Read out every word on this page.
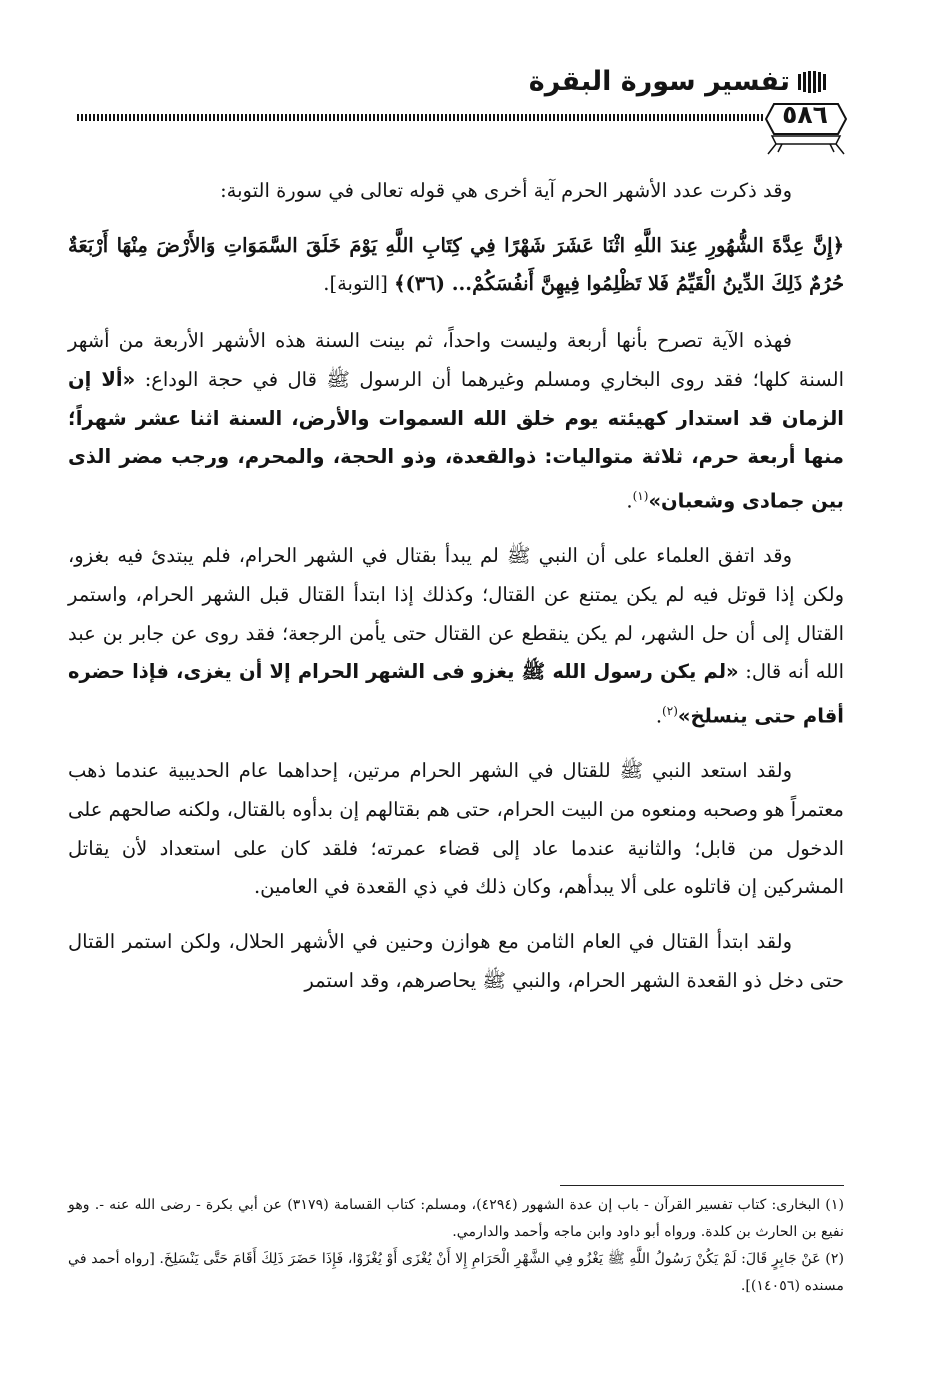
تفسير سورة البقرة
٥٨٦

وقد ذكرت عدد الأشهر الحرم آية أخرى هي قوله تعالى في سورة التوبة:

﴿إِنَّ عِدَّةَ الشُّهُورِ عِندَ اللَّهِ اثْنَا عَشَرَ شَهْرًا فِي كِتَابِ اللَّهِ يَوْمَ خَلَقَ السَّمَوَاتِ وَالأَرْضَ مِنْهَا أَرْبَعَةٌ حُرُمٌ ذَلِكَ الدِّينُ الْقَيِّمُ فَلا تَظْلِمُوا فِيهِنَّ أَنفُسَكُمْ... (٣٦)﴾ [التوبة].

فهذه الآية تصرح بأنها أربعة وليست واحداً، ثم بينت السنة هذه الأشهر الأربعة من أشهر السنة كلها؛ فقد روى البخاري ومسلم وغيرهما أن الرسول ﷺ قال في حجة الوداع: «ألا إن الزمان قد استدار كهيئته يوم خلق الله السموات والأرض، السنة اثنا عشر شهراً؛ منها أربعة حرم، ثلاثة متواليات: ذوالقعدة، وذو الحجة، والمحرم، ورجب مضر الذى بين جمادى وشعبان»$^{(١)}$.

وقد اتفق العلماء على أن النبي ﷺ لم يبدأ بقتال في الشهر الحرام، فلم يبتدئ فيه بغزو، ولكن إذا قوتل فيه لم يكن يمتنع عن القتال؛ وكذلك إذا ابتدأ القتال قبل الشهر الحرام، واستمر القتال إلى أن حل الشهر، لم يكن ينقطع عن القتال حتى يأمن الرجعة؛ فقد روى عن جابر بن عبد الله أنه قال: «لم يكن رسول الله ﷺ يغزو فى الشهر الحرام إلا أن يغزى، فإذا حضره أقام حتى ينسلخ»$^{(٢)}$.

ولقد استعد النبي ﷺ للقتال في الشهر الحرام مرتين، إحداهما عام الحديبية عندما ذهب معتمراً هو وصحبه ومنعوه من البيت الحرام، حتى هم بقتالهم إن بدأوه بالقتال، ولكنه صالحهم على الدخول من قابل؛ والثانية عندما عاد إلى قضاء عمرته؛ فلقد كان على استعداد لأن يقاتل المشركين إن قاتلوه على ألا يبدأهم، وكان ذلك في ذي القعدة في العامين.

ولقد ابتدأ القتال في العام الثامن مع هوازن وحنين في الأشهر الحلال، ولكن استمر القتال حتى دخل ذو القعدة الشهر الحرام، والنبي ﷺ يحاصرهم، وقد استمر

(١) البخارى: كتاب تفسير القرآن - باب إن عدة الشهور (٤٢٩٤)، ومسلم: كتاب القسامة (٣١٧٩) عن أبي بكرة - رضى الله عنه -. وهو نفيع بن الحارث بن كلدة. ورواه أبو داود وابن ماجه وأحمد والدارمي.

(٢) عَنْ جَابِرٍ قَالَ: لَمْ يَكُنْ رَسُولُ اللَّهِ ﷺ يَغْزُو فِي الشَّهْرِ الْحَرَامِ إِلا أَنْ يُغْزَى أَوْ يُغْزَوْا، فَإِذَا حَضَرَ ذَلِكَ أَقَامَ حَتَّى يَنْسَلِخَ. [رواه أحمد في مسنده (١٤٠٥٦)].
